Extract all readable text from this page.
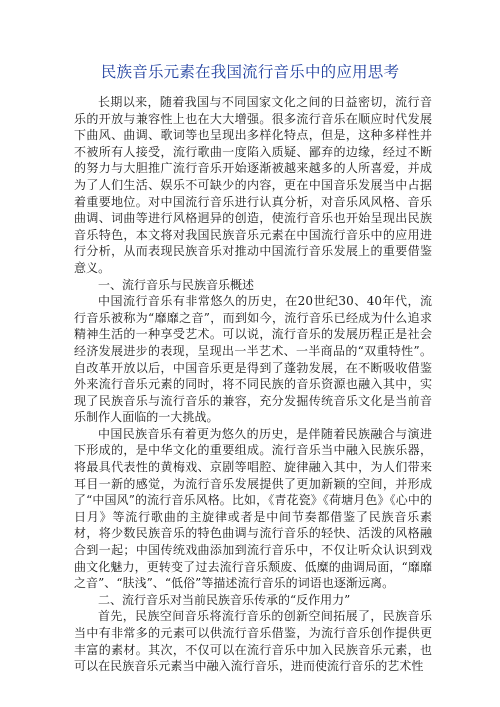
民族音乐元素在我国流行音乐中的应用思考

长期以来，随着我国与不同国家文化之间的日益密切，流行音乐的开放与兼容性上也在大大增强。很多流行音乐在顺应时代发展下曲风、曲调、歌词等也呈现出多样化特点，但是，这种多样性并不被所有人接受，流行歌曲一度陷入质疑、鄙弃的边缘，经过不断的努力与大胆推广流行音乐开始逐渐被越来越多的人所喜爱，并成为了人们生活、娱乐不可缺少的内容，更在中国音乐发展当中占据着重要地位。对中国流行音乐进行认真分析，对音乐风风格、音乐曲调、词曲等进行风格迥异的创造，使流行音乐也开始呈现出民族音乐特色，本文将对我国民族音乐元素在中国流行音乐中的应用进行分析，从而表现民族音乐对推动中国流行音乐发展上的重要借鉴意义。

一、流行音乐与民族音乐概述

中国流行音乐有非常悠久的历史，在20世纪30、40年代，流行音乐被称为“靡靡之音”，而到如今，流行音乐已经成为什么追求精神生活的一种享受艺术。可以说，流行音乐的发展历程正是社会经济发展进步的表现，呈现出一半艺术、一半商品的“双重特性”。自改革开放以后，中国音乐更是得到了蓬勃发展，在不断吸收借鉴外来流行音乐元素的同时，将不同民族的音乐资源也融入其中，实现了民族音乐与流行音乐的兼容，充分发掘传统音乐文化是当前音乐制作人面临的一大挑战。

中国民族音乐有着更为悠久的历史，是伴随着民族融合与演进下形成的，是中华文化的重要组成。流行音乐当中融入民族乐器，将最具代表性的黄梅戏、京剧等唱腔、旋律融入其中，为人们带来耳目一新的感觉，为流行音乐发展提供了更加新颖的空间，并形成了“中国风”的流行音乐风格。比如，《青花瓷》《荷塘月色》《心中的日月》等流行歌曲的主旋律或者是中间节奏都借鉴了民族音乐素材，将少数民族音乐的特色曲调与流行音乐的轻快、活泼的风格融合到一起；中国传统戏曲添加到流行音乐中，不仅让听众认识到戏曲文化魅力，更转变了过去流行音乐颓废、低糜的曲调局面，“靡靡之音”、“肤浅”、“低俗”等描述流行音乐的词语也逐渐远离。

二、流行音乐对当前民族音乐传承的“反作用力”

首先，民族空间音乐将流行音乐的创新空间拓展了，民族音乐当中有非常多的元素可以供流行音乐借鉴，为流行音乐创作提供更丰富的素材。其次，不仅可以在流行音乐中加入民族音乐元素，也可以在民族音乐元素当中融入流行音乐，进而使流行音乐的艺术性
